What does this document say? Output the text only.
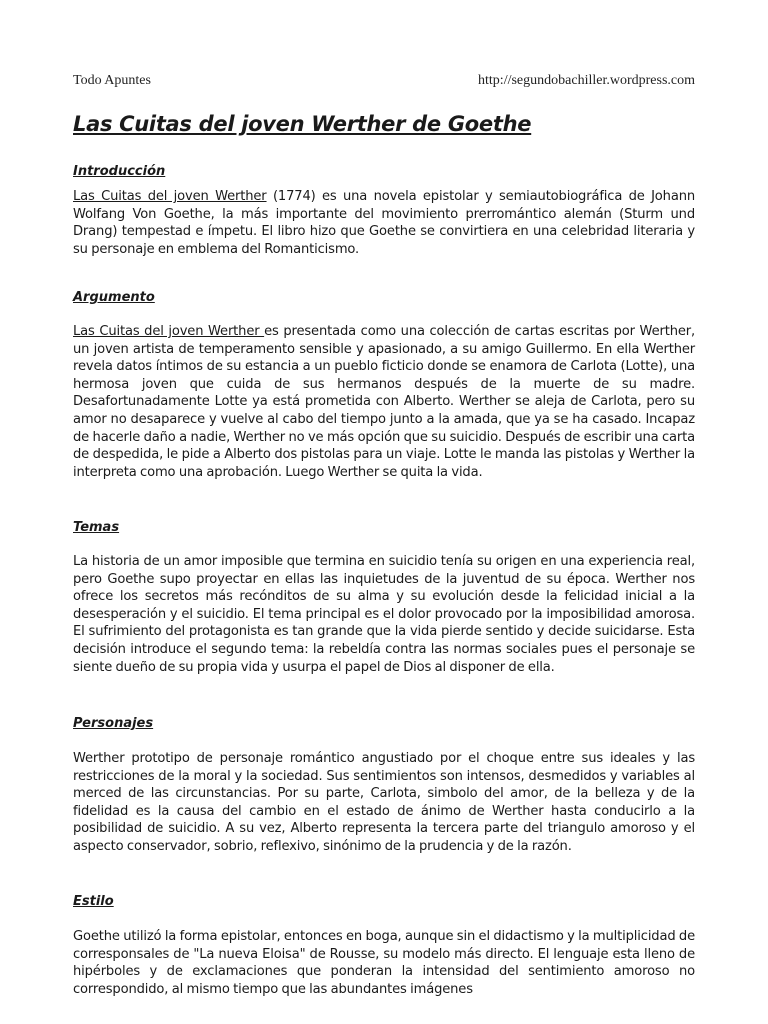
Todo Apuntes	http://segundobachiller.wordpress.com
Las Cuitas del joven Werther de Goethe
Introducción

Las Cuitas del joven Werther (1774) es una novela epistolar y semiautobiográfica de Johann Wolfang Von Goethe, la más importante del movimiento prerromántico alemán (Sturm und Drang) tempestad e ímpetu. El libro hizo que Goethe se convirtiera en una celebridad literaria y su personaje en emblema del Romanticismo.

Argumento

Las Cuitas del joven Werther es presentada como una colección de cartas escritas por Werther, un joven artista de temperamento sensible y apasionado, a su amigo Guillermo. En ella Werther revela datos íntimos de su estancia a un pueblo ficticio donde se enamora de Carlota (Lotte), una hermosa joven que cuida de sus hermanos después de la muerte de su madre. Desafortunadamente Lotte ya está prometida con Alberto. Werther se aleja de Carlota, pero su amor no desaparece y vuelve al cabo del tiempo junto a la amada, que ya se ha casado. Incapaz de hacerle daño a nadie, Werther no ve más opción que su suicidio. Después de escribir una carta de despedida, le pide a Alberto dos pistolas para un viaje. Lotte le manda las pistolas y Werther la interpreta como una aprobación. Luego Werther se quita la vida.

Temas

La historia de un amor imposible que termina en suicidio tenía su origen en una experiencia real, pero Goethe supo proyectar en ellas las inquietudes de la juventud de su época. Werther nos ofrece los secretos más recónditos de su alma y su evolución desde la felicidad inicial a la desesperación y el suicidio. El tema principal es el dolor provocado por la imposibilidad amorosa. El sufrimiento del protagonista es tan grande que la vida pierde sentido y decide suicidarse. Esta decisión introduce el segundo tema: la rebeldía contra las normas sociales pues el personaje se siente dueño de su propia vida y usurpa el papel de Dios al disponer de ella.

Personajes

Werther prototipo de personaje romántico angustiado por el choque entre sus ideales y las restricciones de la moral y la sociedad. Sus sentimientos son intensos, desmedidos y variables al merced de las circunstancias. Por su parte, Carlota, simbolo del amor, de la belleza y de la fidelidad es la causa del cambio en el estado de ánimo de Werther hasta conducirlo a la posibilidad de suicidio. A su vez, Alberto representa la tercera parte del triangulo amoroso y el aspecto conservador, sobrio, reflexivo, sinónimo de la prudencia y de la razón.

Estilo

Goethe utilizó la forma epistolar, entonces en boga, aunque sin el didactismo y la multiplicidad de corresponsales de "La nueva Eloisa" de Rousse, su modelo más directo. El lenguaje esta lleno de hipérboles y de exclamaciones que ponderan la intensidad del sentimiento amoroso no correspondido, al mismo tiempo que las abundantes imágenes
